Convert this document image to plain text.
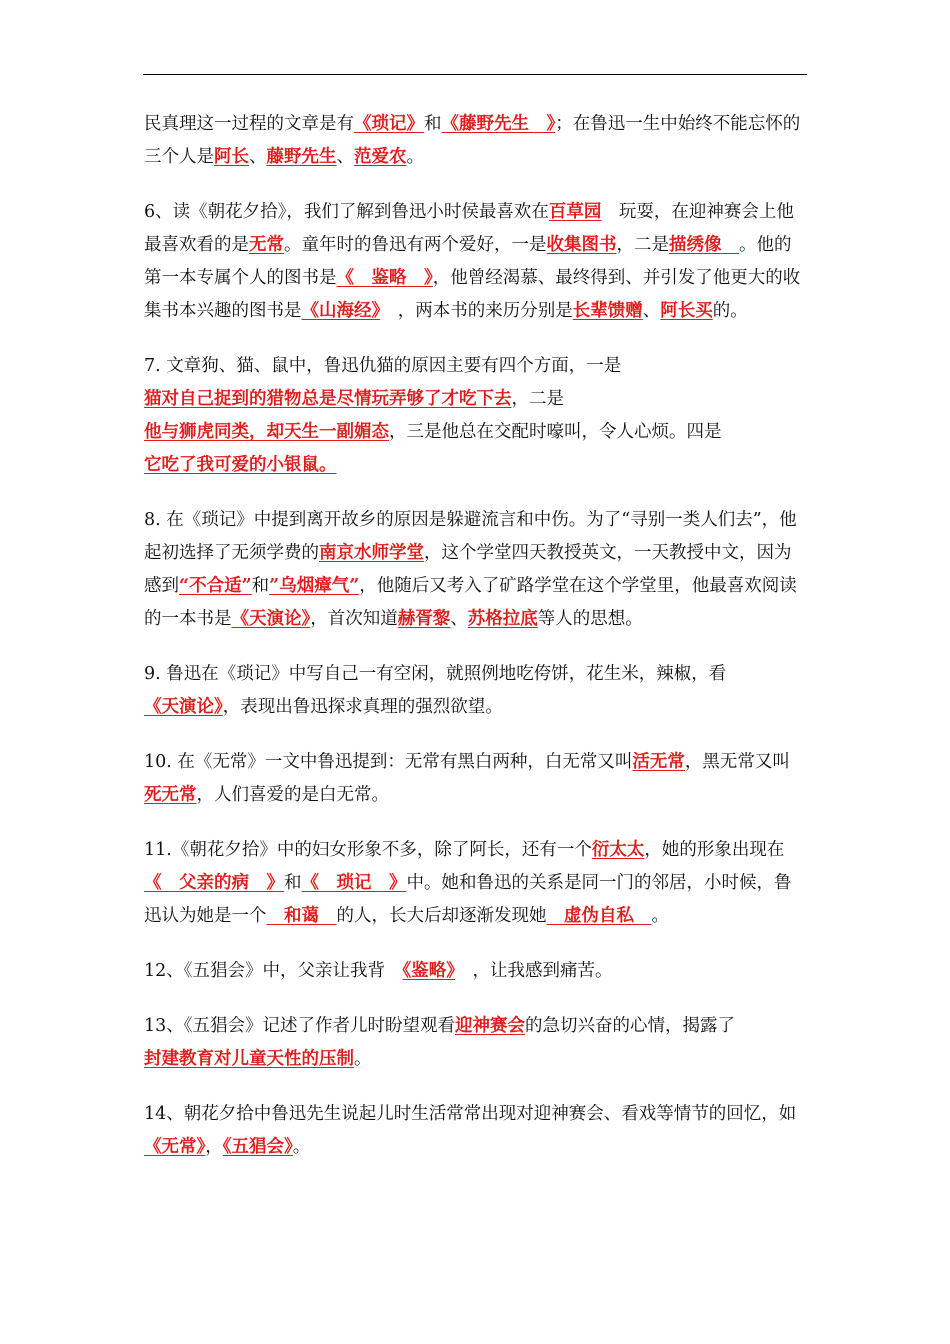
民真理这一过程的文章是有《琐记》和《藤野先生　》；在鲁迅一生中始终不能忘怀的三个人是阿长、藤野先生、范爱农。

6、读《朝花夕拾》，我们了解到鲁迅小时侯最喜欢在百草园　玩耍，在迎神赛会上他最喜欢看的是无常。童年时的鲁迅有两个爱好，一是收集图书，二是描绣像　。他的第一本专属个人的图书是《　鉴略　》，他曾经渴慕、最终得到、并引发了他更大的收集书本兴趣的图书是《山海经》　，两本书的来历分别是长辈馈赠、阿长买的。

7. 文章狗、猫、鼠中，鲁迅仇猫的原因主要有四个方面，一是猫对自己捉到的猎物总是尽情玩弄够了才吃下去，二是他与狮虎同类，却天生一副媚态，三是他总在交配时嚎叫，令人心烦。四是它吃了我可爱的小银鼠。

8. 在《琐记》中提到离开故乡的原因是躲避流言和中伤。为了“寻别一类人们去”，他起初选择了无须学费的南京水师学堂，这个学堂四天教授英文，一天教授中文，因为感到“不合适”和”乌烟瘴气”，他随后又考入了矿路学堂在这个学堂里，他最喜欢阅读的一本书是《天演论》，首次知道赫胥黎、苏格拉底等人的思想。

9. 鲁迅在《琐记》中写自己一有空闲，就照例地吃侉饼，花生米，辣椒，看《天演论》，表现出鲁迅探求真理的强烈欲望。

10. 在《无常》一文中鲁迅提到：无常有黑白两种，白无常又叫活无常，黑无常又叫死无常，人们喜爱的是白无常。

11.《朝花夕拾》中的妇女形象不多，除了阿长，还有一个衍太太，她的形象出现在《　父亲的病　》和《　琐记　》中。她和鲁迅的关系是同一门的邻居，小时候，鲁迅认为她是一个　和蔼　的人，长大后却逐渐发现她　虚伪自私　。

12、《五猖会》中，父亲让我背　《鉴略》　，让我感到痛苦。

13、《五猖会》记述了作者儿时盼望观看迎神赛会的急切兴奋的心情，揭露了封建教育对儿童天性的压制。

14、朝花夕拾中鲁迅先生说起儿时生活常常出现对迎神赛会、看戏等情节的回忆，如《无常》，《五猖会》。
